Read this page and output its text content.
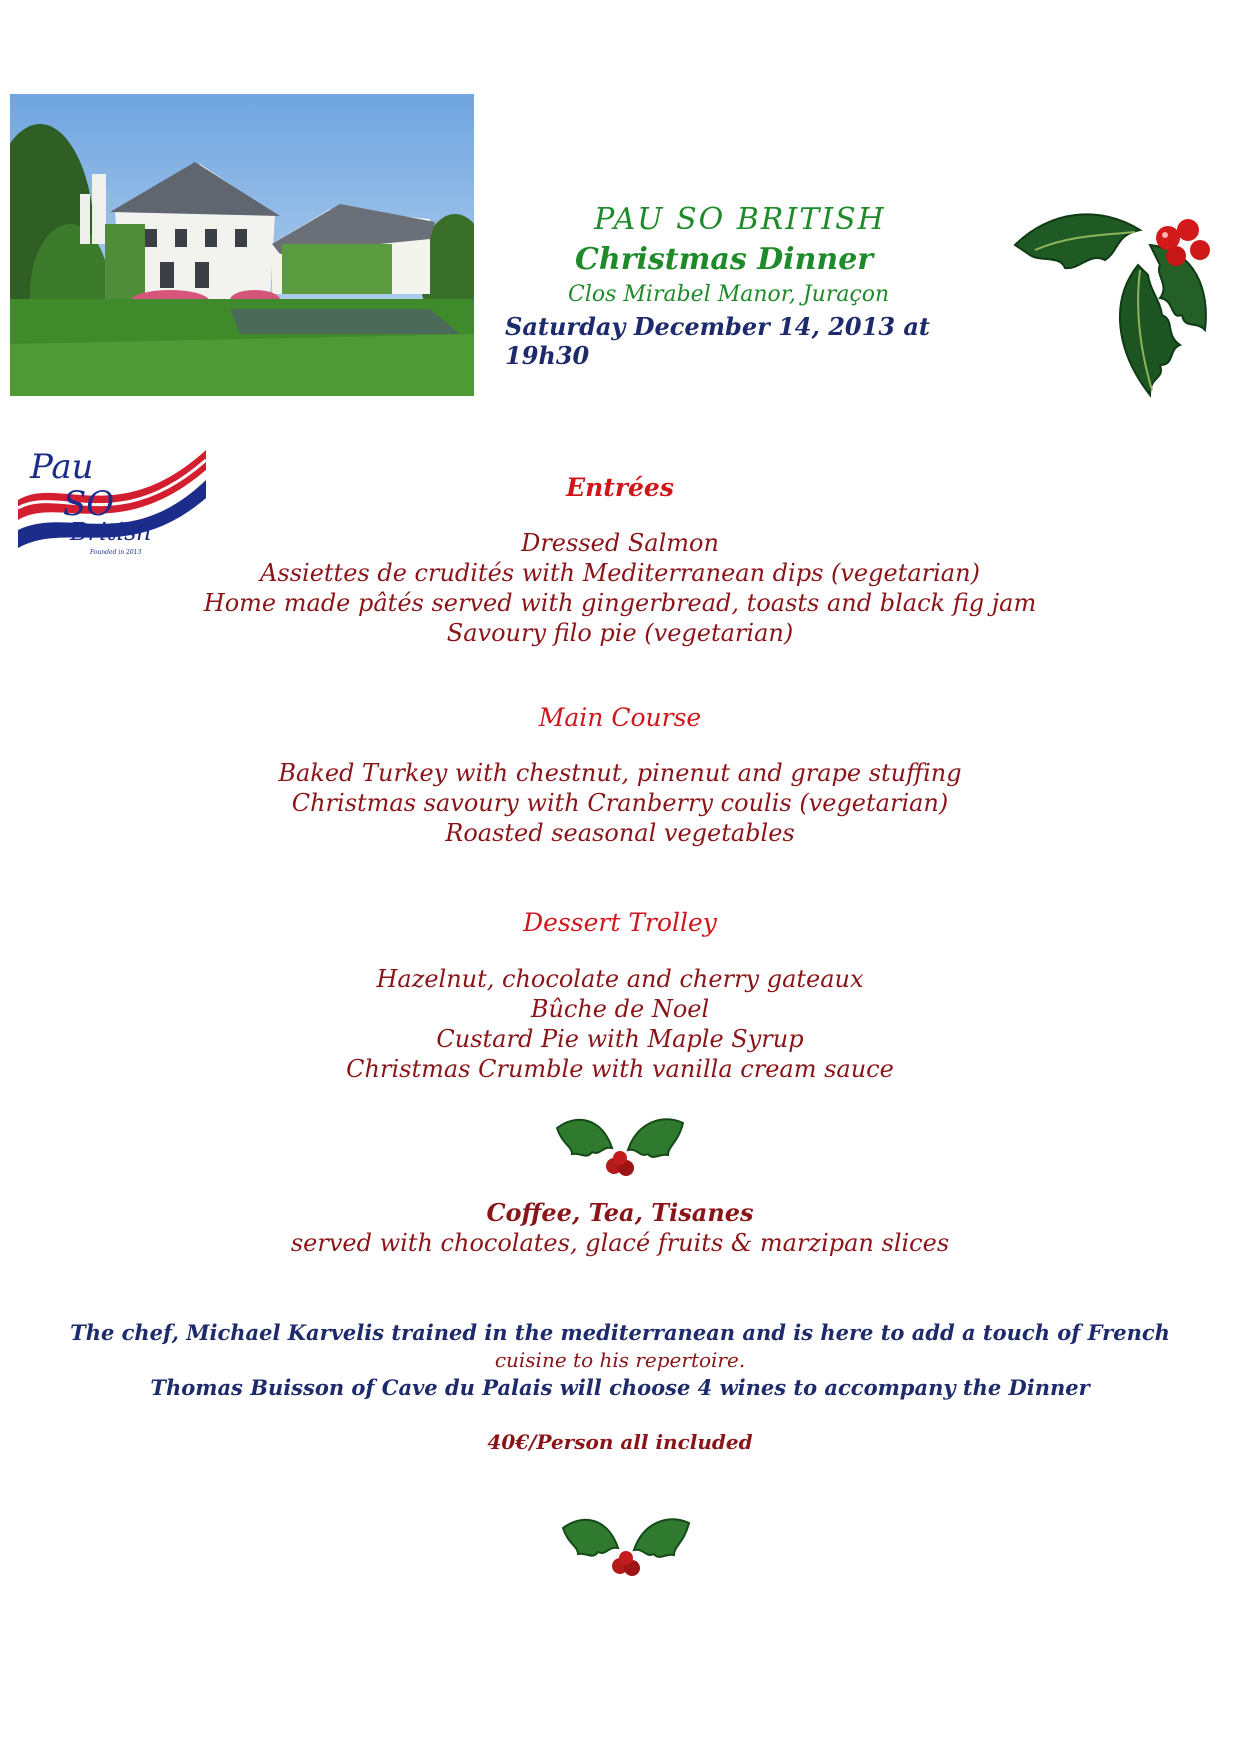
PAU SO BRITISH
Christmas Dinner
Clos Mirabel Manor, Juraçon
Saturday December 14, 2013 at 19h30
Pau
SO
British
Founded in 2013
Entrées
Dressed Salmon
Assiettes de crudités with Mediterranean dips (vegetarian)
Home made pâtés served with gingerbread, toasts and black fig jam
Savoury filo pie (vegetarian)
Main Course
Baked Turkey with chestnut, pinenut and grape stuffing
Christmas savoury with Cranberry coulis (vegetarian)
Roasted seasonal vegetables
Dessert Trolley
Hazelnut, chocolate and cherry gateaux
Bûche de Noel
Custard Pie with Maple Syrup
Christmas Crumble with vanilla cream sauce
Coffee, Tea, Tisanes
served with chocolates, glacé fruits & marzipan slices
The chef, Michael Karvelis trained in the mediterranean and is here to add a touch of French
cuisine to his repertoire.
Thomas Buisson of Cave du Palais will choose 4 wines to accompany the Dinner
40€/Person all included
